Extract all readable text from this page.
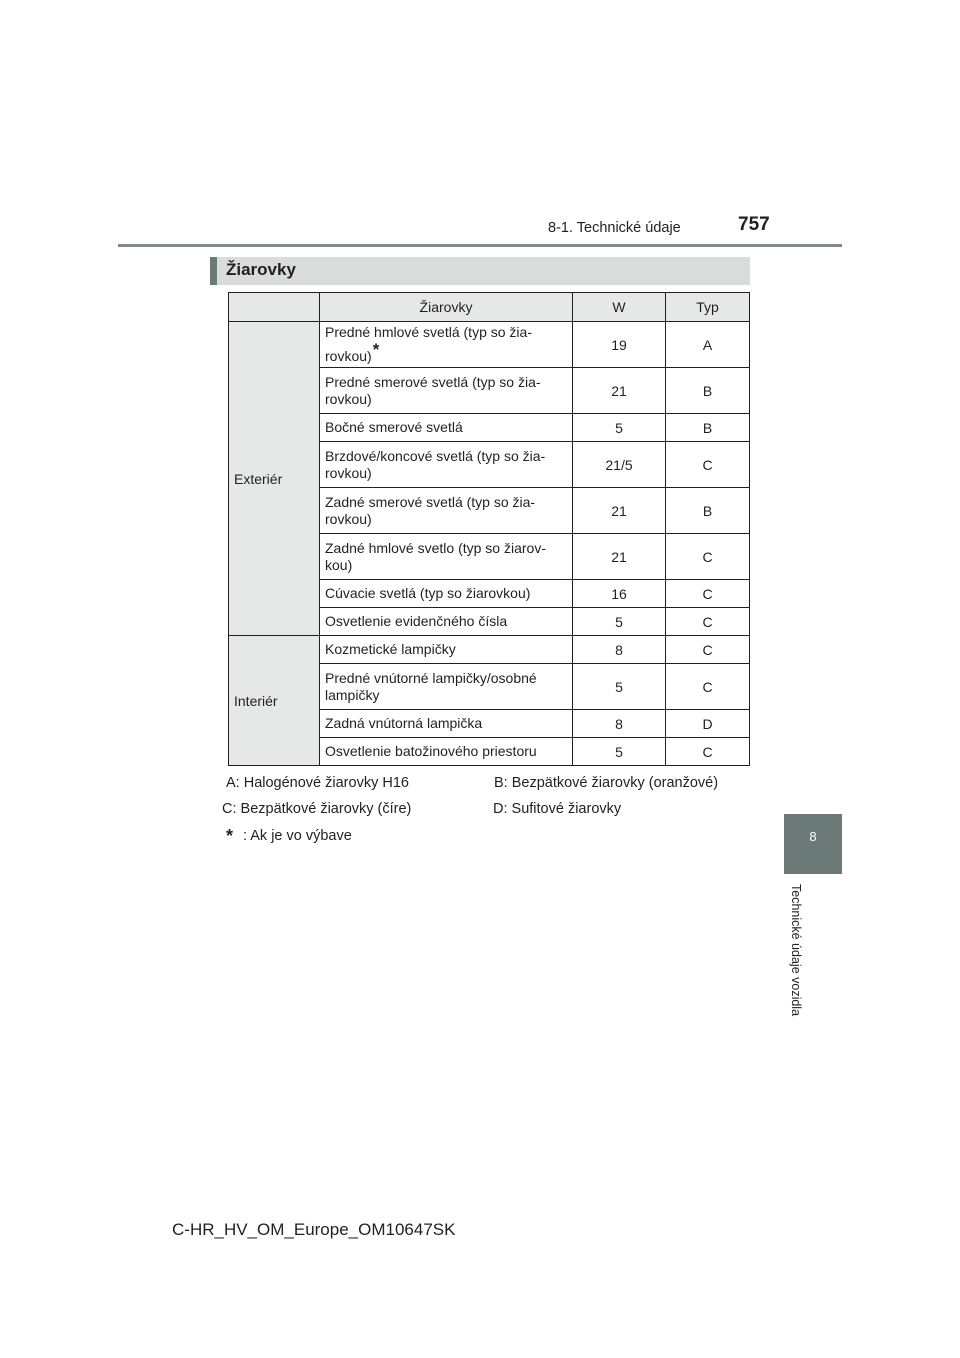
8-1. Technické údaje	757
8
Technické údaje vozidla
Žiarovky
	Žiarovky	W	Typ
Exteriér	Predné hmlové svetlá (typ so žia-
rovkou)*	19	A
	Predné smerové svetlá (typ so žia-
rovkou)	21	B
	Bočné smerové svetlá	5	B
	Brzdové/koncové svetlá (typ so žia-
rovkou)	21/5	C
	Zadné smerové svetlá (typ so žia-
rovkou)	21	B
	Zadné hmlové svetlo (typ so žiarov-
kou)	21	C
	Cúvacie svetlá (typ so žiarovkou)	16	C
	Osvetlenie evidenčného čísla	5	C
Interiér	Kozmetické lampičky	8	C
	Predné vnútorné lampičky/osobné
lampičky	5	C
	Zadná vnútorná lampička	8	D
	Osvetlenie batožinového priestoru	5	C
A: Halogénové žiarovky H16	B: Bezpätkové žiarovky (oranžové)
C: Bezpätkové žiarovky (číre)	D: Sufitové žiarovky
* : Ak je vo výbave
C-HR_HV_OM_Europe_OM10647SK
